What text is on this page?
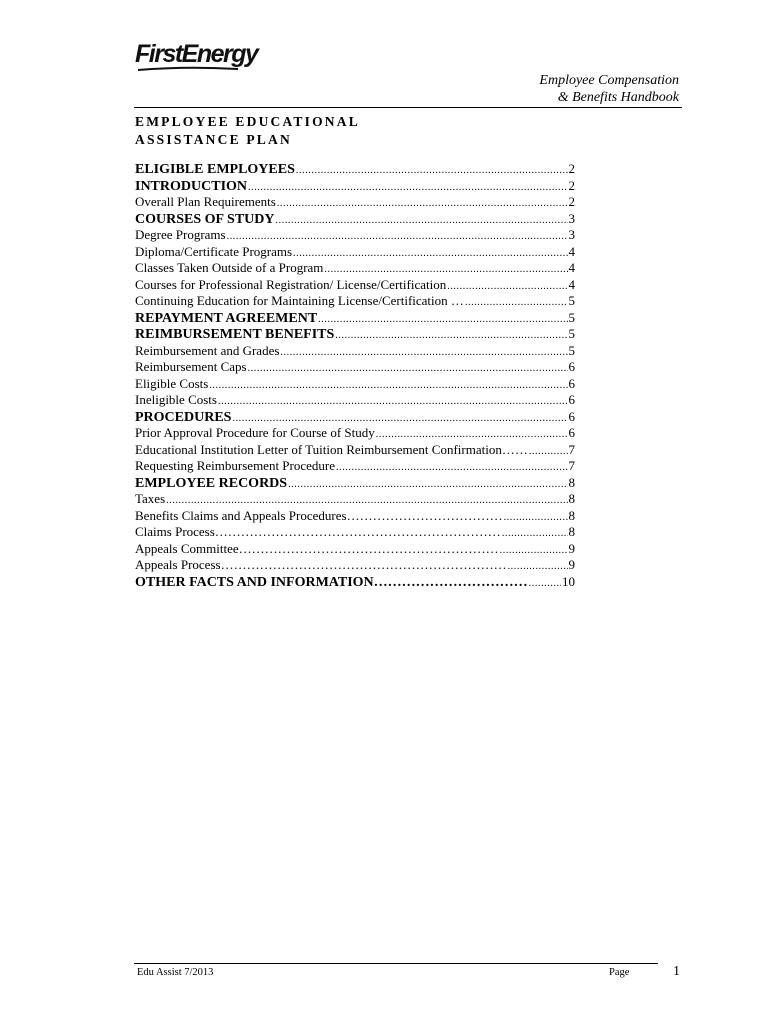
FirstEnergy
Employee Compensation
& Benefits Handbook
EMPLOYEE EDUCATIONAL
ASSISTANCE PLAN
ELIGIBLE EMPLOYEES .....	2
INTRODUCTION .....	2
Overall Plan Requirements .....	2
COURSES OF STUDY .....	3
Degree Programs .....	3
Diploma/Certificate Programs .....	4
Classes Taken Outside of a Program .....	4
Courses for Professional Registration/ License/Certification .....	4
Continuing Education for Maintaining License/Certification … .....	5
REPAYMENT AGREEMENT .....	5
REIMBURSEMENT BENEFITS .....	5
Reimbursement and Grades .....	5
Reimbursement Caps .....	6
Eligible Costs .....	6
Ineligible Costs .....	6
PROCEDURES .....	6
Prior Approval Procedure for Course of Study .....	6
Educational Institution Letter of Tuition Reimbursement Confirmation…… .....	7
Requesting Reimbursement Procedure .....	7
EMPLOYEE RECORDS .....	8
Taxes .....	8
Benefits Claims and Appeals Procedures……………………………… .....	8
Claims Process………………………………………………………… .....	8
Appeals Committee…………………………………………………… .....	9
Appeals Process………………………………………………………… .....	9
OTHER FACTS AND INFORMATION…………………………… .....	10
Edu Assist 7/2013	Page	1
